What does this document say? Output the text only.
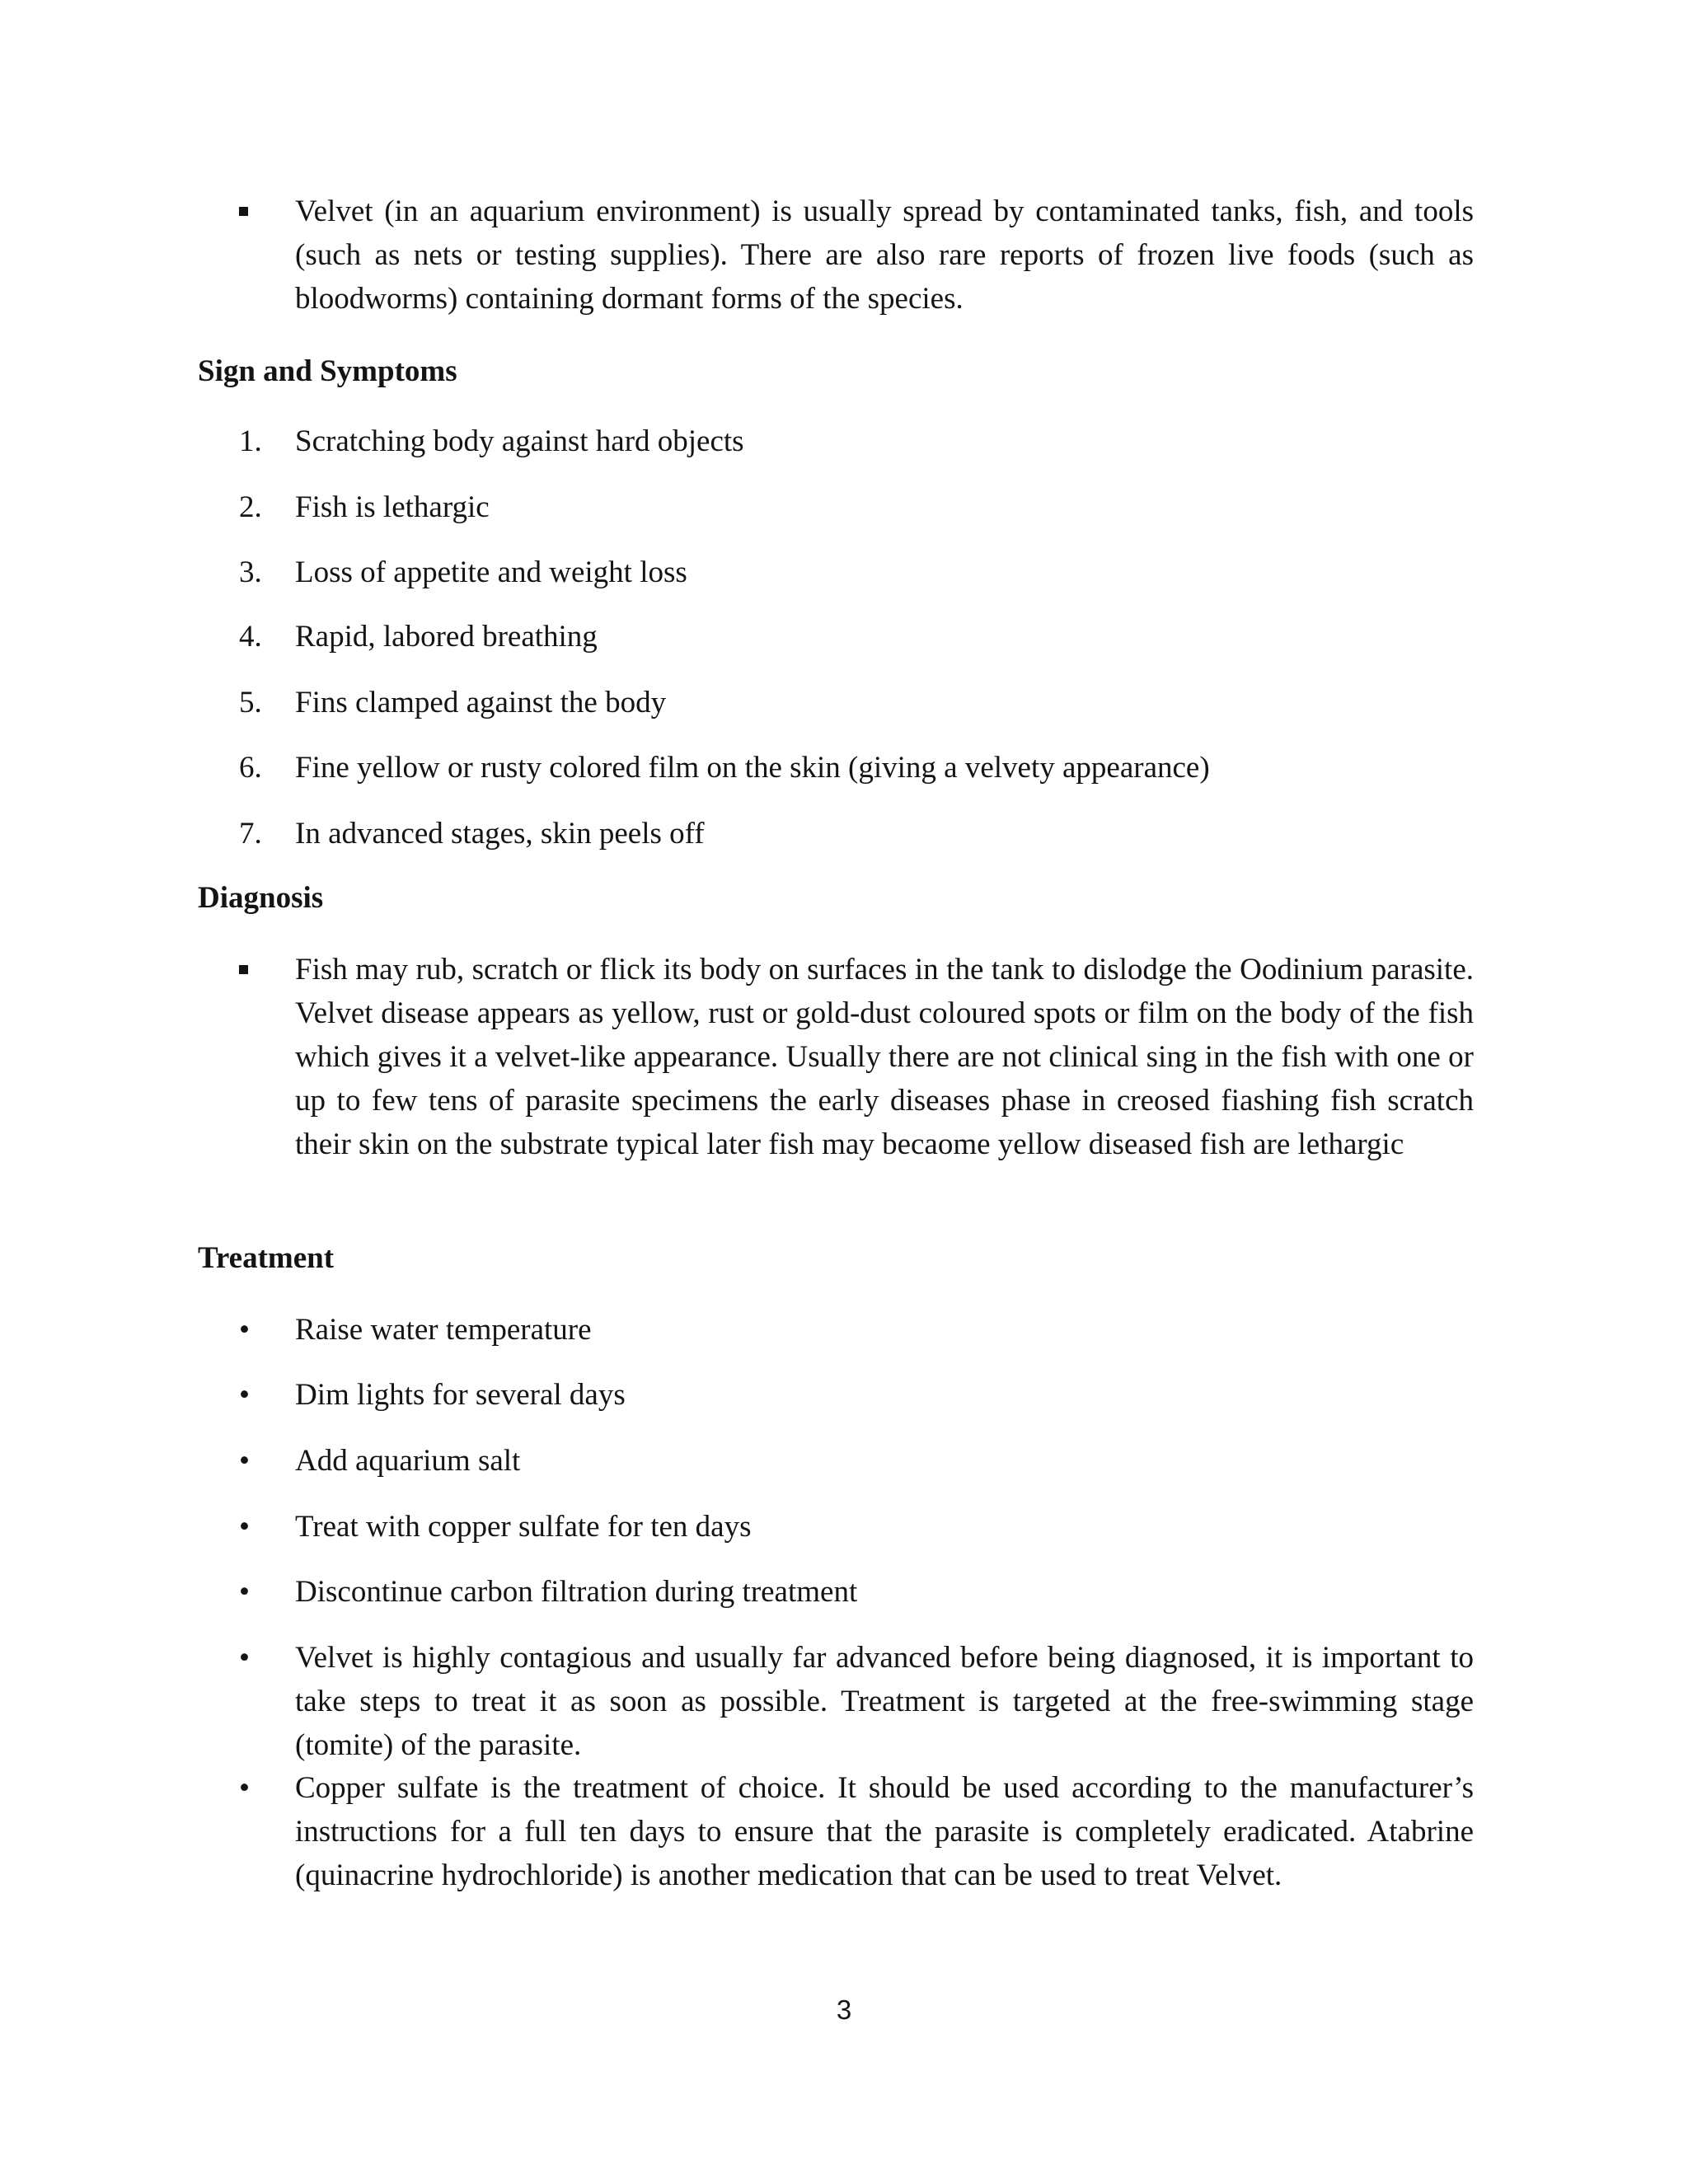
Velvet (in an aquarium environment) is usually spread by contaminated tanks, fish, and tools (such as nets or testing supplies). There are also rare reports of frozen live foods (such as bloodworms) containing dormant forms of the species.
Sign and Symptoms
1.	Scratching body against hard objects
2.	Fish is lethargic
3.	Loss of appetite and weight loss
4.	Rapid, labored breathing
5.	Fins clamped against the body
6.	Fine yellow or rusty colored film on the skin (giving a velvety appearance)
7.	In advanced stages, skin peels off
Diagnosis
Fish may rub, scratch or flick its body on surfaces in the tank to dislodge the Oodinium parasite. Velvet disease appears as yellow, rust or gold-dust coloured spots or film on the body of the fish which gives it a velvet-like appearance. Usually there are not clinical sing in the fish with one or up to few tens of parasite specimens the early diseases phase in creosed fiashing fish scratch their skin on the substrate typical later fish may becaome yellow diseased fish are lethargic
Treatment
•	Raise water temperature
•	Dim lights for several days
•	Add aquarium salt
•	Treat with copper sulfate for ten days
•	Discontinue carbon filtration during treatment
•	Velvet is highly contagious and usually far advanced before being diagnosed, it is important to take steps to treat it as soon as possible. Treatment is targeted at the free-swimming stage (tomite) of the parasite.
•	Copper sulfate is the treatment of choice. It should be used according to the manufacturer’s instructions for a full ten days to ensure that the parasite is completely eradicated. Atabrine (quinacrine hydrochloride) is another medication that can be used to treat Velvet.
3
